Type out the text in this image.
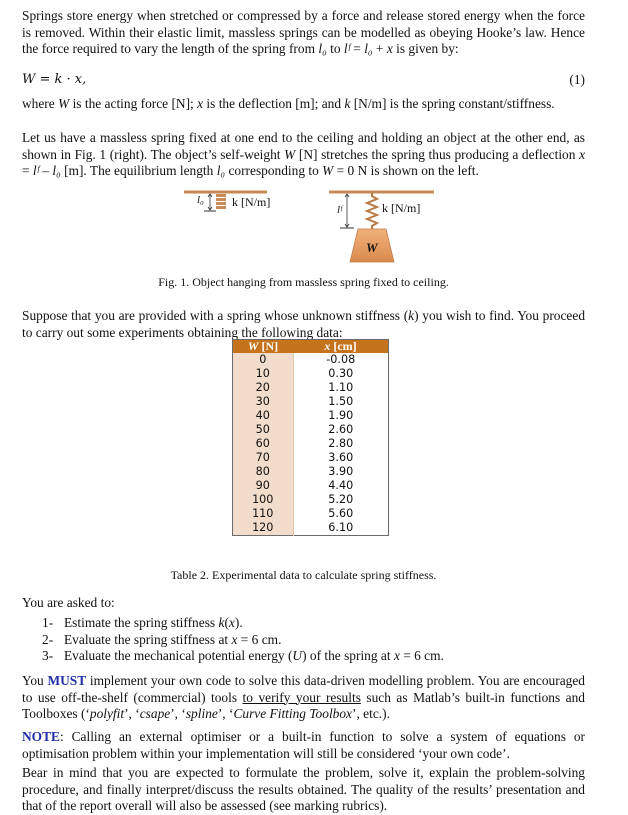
Springs store energy when stretched or compressed by a force and release stored energy when the force is removed. Within their elastic limit, massless springs can be modelled as obeying Hooke’s law. Hence the force required to vary the length of the spring from l₀ to lᶠ = l₀ + x is given by:

W = k · x,	(1)

where W is the acting force [N]; x is the deflection [m]; and k [N/m] is the spring constant/stiffness.

Let us have a massless spring fixed at one end to the ceiling and holding an object at the other end, as shown in Fig. 1 (right). The object’s self-weight W [N] stretches the spring thus producing a deflection x = lᶠ – l₀ [m]. The equilibrium length l₀ corresponding to W = 0 N is shown on the left.

l₀ k [N/m]
lᶠ	k [N/m]
W
Fig. 1. Object hanging from massless spring fixed to ceiling.

Suppose that you are provided with a spring whose unknown stiffness (k) you wish to find. You proceed to carry out some experiments obtaining the following data:

W [N]	x [cm]
0	-0.08
10	0.30
20	1.10
30	1.50
40	1.90
50	2.60
60	2.80
70	3.60
80	3.90
90	4.40
100	5.20
110	5.60
120	6.10
Table 2. Experimental data to calculate spring stiffness.

You are asked to:

1- Estimate the spring stiffness k(x).
2- Evaluate the spring stiffness at x = 6 cm.
3- Evaluate the mechanical potential energy (U) of the spring at x = 6 cm.

You MUST implement your own code to solve this data-driven modelling problem. You are encouraged to use off-the-shelf (commercial) tools to verify your results such as Matlab’s built-in functions and Toolboxes (‘polyfit’, ‘csape’, ‘spline’, ‘Curve Fitting Toolbox’, etc.).

NOTE: Calling an external optimiser or a built-in function to solve a system of equations or optimisation problem within your implementation will still be considered ‘your own code’.

Bear in mind that you are expected to formulate the problem, solve it, explain the problem-solving procedure, and finally interpret/discuss the results obtained. The quality of the results’ presentation and that of the report overall will also be assessed (see marking rubrics).
